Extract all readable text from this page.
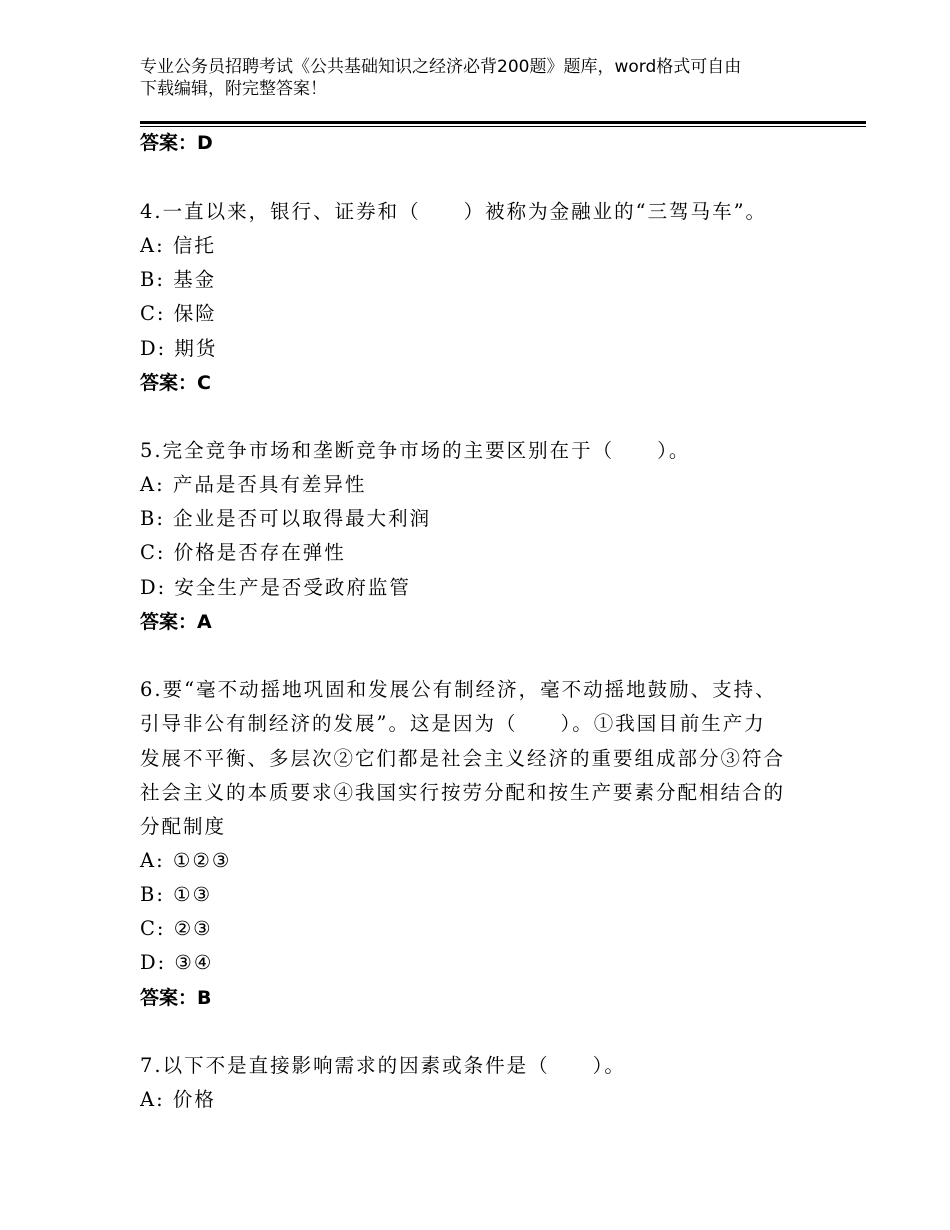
专业公务员招聘考试《公共基础知识之经济必背200题》题库，word格式可自由
下载编辑，附完整答案！
答案：D
4.一直以来，银行、证券和（　　）被称为金融业的“三驾马车”。
A: 信托
B: 基金
C: 保险
D: 期货
答案：C
5.完全竞争市场和垄断竞争市场的主要区别在于（　　）。
A: 产品是否具有差异性
B: 企业是否可以取得最大利润
C: 价格是否存在弹性
D: 安全生产是否受政府监管
答案：A
6.要“毫不动摇地巩固和发展公有制经济，毫不动摇地鼓励、支持、
引导非公有制经济的发展”。这是因为（　　）。①我国目前生产力
发展不平衡、多层次②它们都是社会主义经济的重要组成部分③符合
社会主义的本质要求④我国实行按劳分配和按生产要素分配相结合的
分配制度
A: ①②③
B: ①③
C: ②③
D: ③④
答案：B
7.以下不是直接影响需求的因素或条件是（　　）。
A: 价格
